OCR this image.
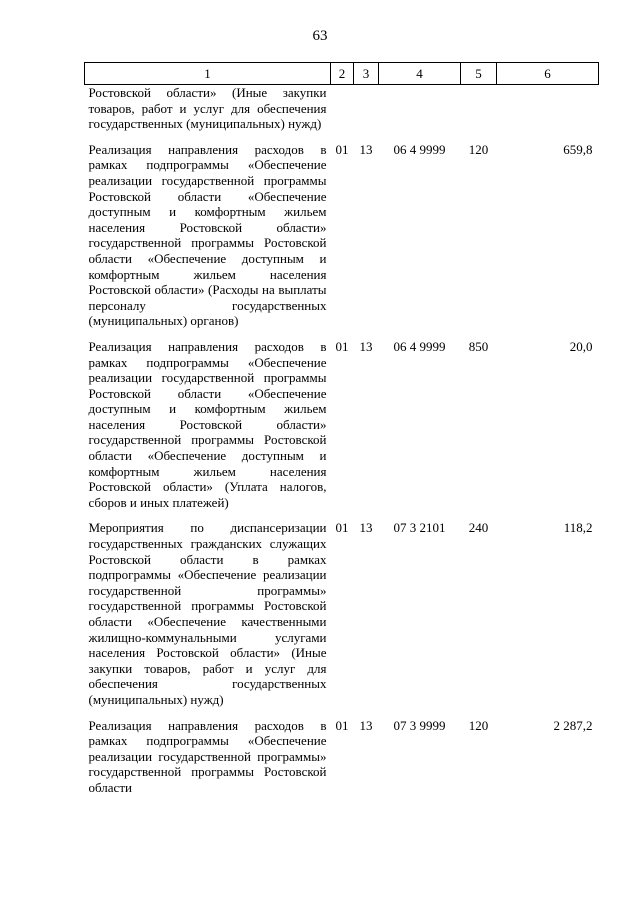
63
1	2	3	4	5	6
Ростовской области» (Иные закупки товаров, работ и услуг для обеспечения государственных (муниципальных) нужд)					
Реализация направления расходов в рамках подпрограммы «Обеспечение реализации государственной программы Ростовской области «Обеспечение доступным и комфортным жильем населения Ростовской области» государственной программы Ростовской области «Обеспечение доступным и комфортным жильем населения Ростовской области» (Расходы на выплаты персоналу государственных (муниципальных) органов)	01	13	06 4 9999	120	659,8
Реализация направления расходов в рамках подпрограммы «Обеспечение реализации государственной программы Ростовской области «Обеспечение доступным и комфортным жильем населения Ростовской области» государственной программы Ростовской области «Обеспечение доступным и комфортным жильем населения Ростовской области» (Уплата налогов, сборов и иных платежей)	01	13	06 4 9999	850	20,0
Мероприятия по диспансеризации государственных гражданских служащих Ростовской области в рамках подпрограммы «Обеспечение реализации государственной программы» государственной программы Ростовской области «Обеспечение качественными жилищно-коммунальными услугами населения Ростовской области» (Иные закупки товаров, работ и услуг для обеспечения государственных (муниципальных) нужд)	01	13	07 3 2101	240	118,2
Реализация направления расходов в рамках подпрограммы «Обеспечение реализации государственной программы» государственной программы Ростовской области	01	13	07 3 9999	120	2 287,2
